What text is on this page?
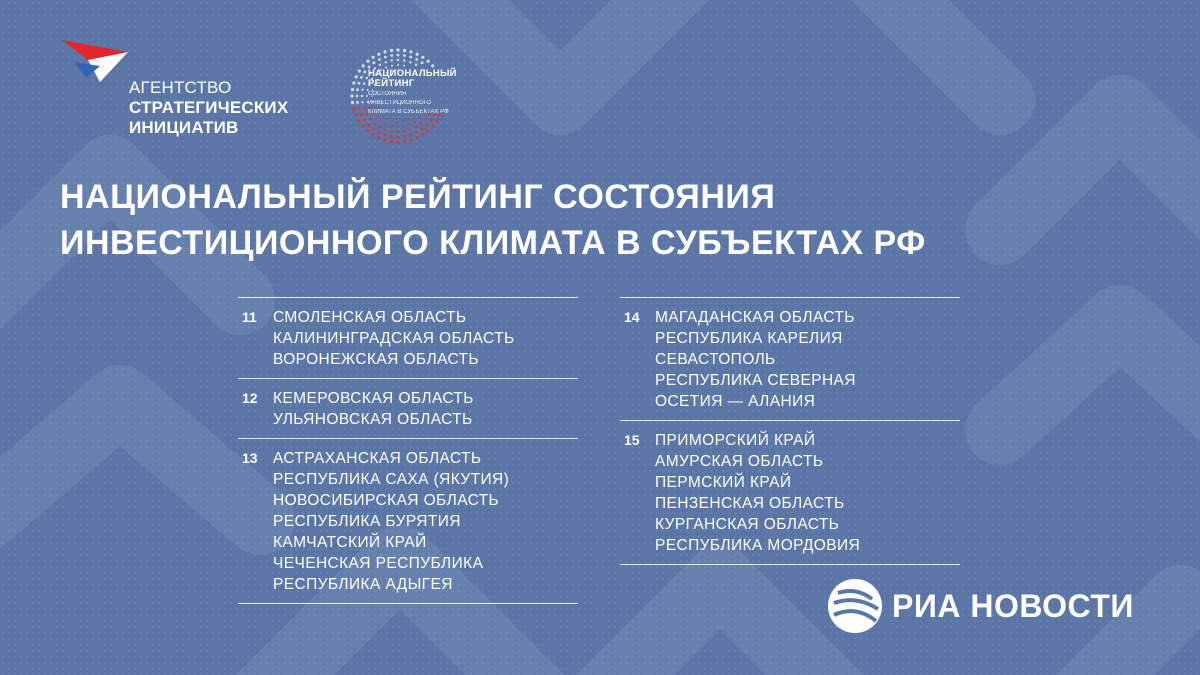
АГЕНТСТВО
СТРАТЕГИЧЕСКИХ
ИНИЦИАТИВ
НАЦИОНАЛЬНЫЙ
РЕЙТИНГ
СОСТОЯНИЯ
ИНВЕСТИЦИОННОГО
КЛИМАТА В СУБЪЕКТАХ РФ
НАЦИОНАЛЬНЫЙ РЕЙТИНГ СОСТОЯНИЯ
ИНВЕСТИЦИОННОГО КЛИМАТА В СУБЪЕКТАХ РФ
11	СМОЛЕНСКАЯ ОБЛАСТЬ
КАЛИНИНГРАДСКАЯ ОБЛАСТЬ
ВОРОНЕЖСКАЯ ОБЛАСТЬ
12 КЕМЕРОВСКАЯ ОБЛАСТЬ
УЛЬЯНОВСКАЯ ОБЛАСТЬ
13 АСТРАХАНСКАЯ ОБЛАСТЬ
РЕСПУБЛИКА САХА (ЯКУТИЯ)
НОВОСИБИРСКАЯ ОБЛАСТЬ
РЕСПУБЛИКА БУРЯТИЯ
КАМЧАТСКИЙ КРАЙ
ЧЕЧЕНСКАЯ РЕСПУБЛИКА
РЕСПУБЛИКА АДЫГЕЯ
14 МАГАДАНСКАЯ ОБЛАСТЬ
РЕСПУБЛИКА КАРЕЛИЯ
СЕВАСТОПОЛЬ
РЕСПУБЛИКА СЕВЕРНАЯ
ОСЕТИЯ — АЛАНИЯ
15 ПРИМОРСКИЙ КРАЙ
АМУРСКАЯ ОБЛАСТЬ
ПЕРМСКИЙ КРАЙ
ПЕНЗЕНСКАЯ ОБЛАСТЬ
КУРГАНСКАЯ ОБЛАСТЬ
РЕСПУБЛИКА МОРДОВИЯ
РИА НОВОСТИ
